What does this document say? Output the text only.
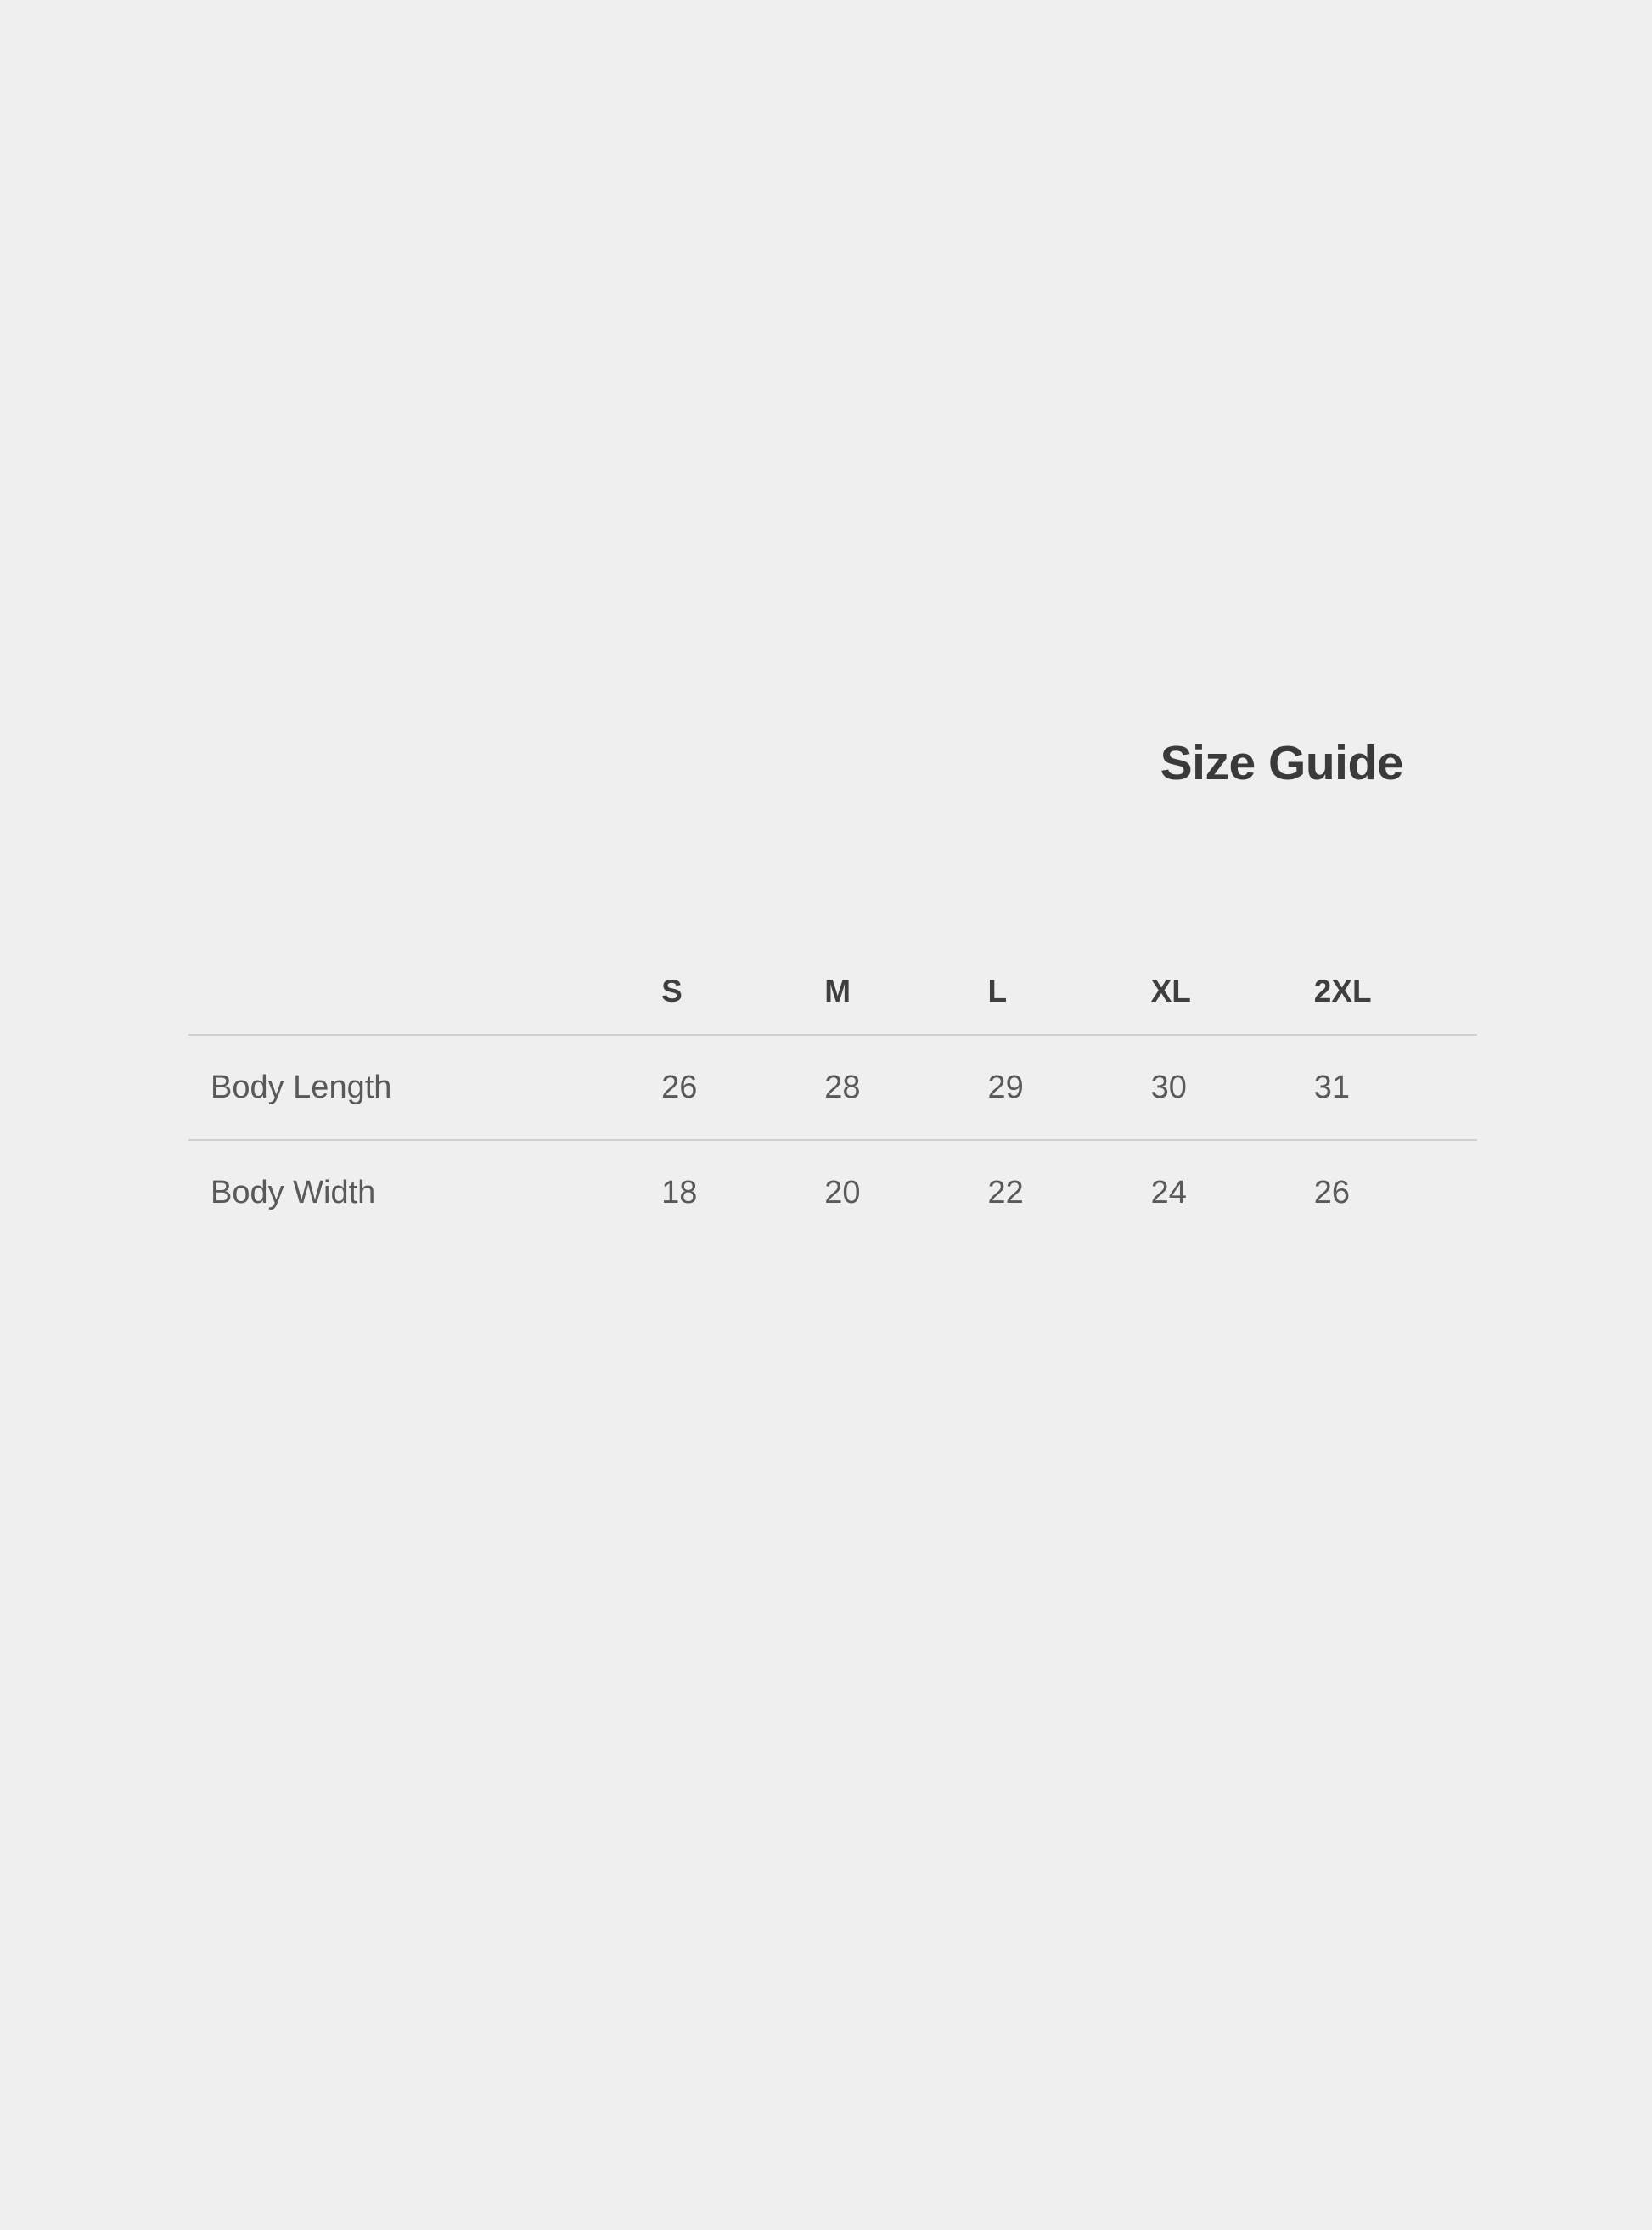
Size Guide
	S	M	L	XL	2XL
Body Length	26	28	29	30	31
Body Width	18	20	22	24	26
